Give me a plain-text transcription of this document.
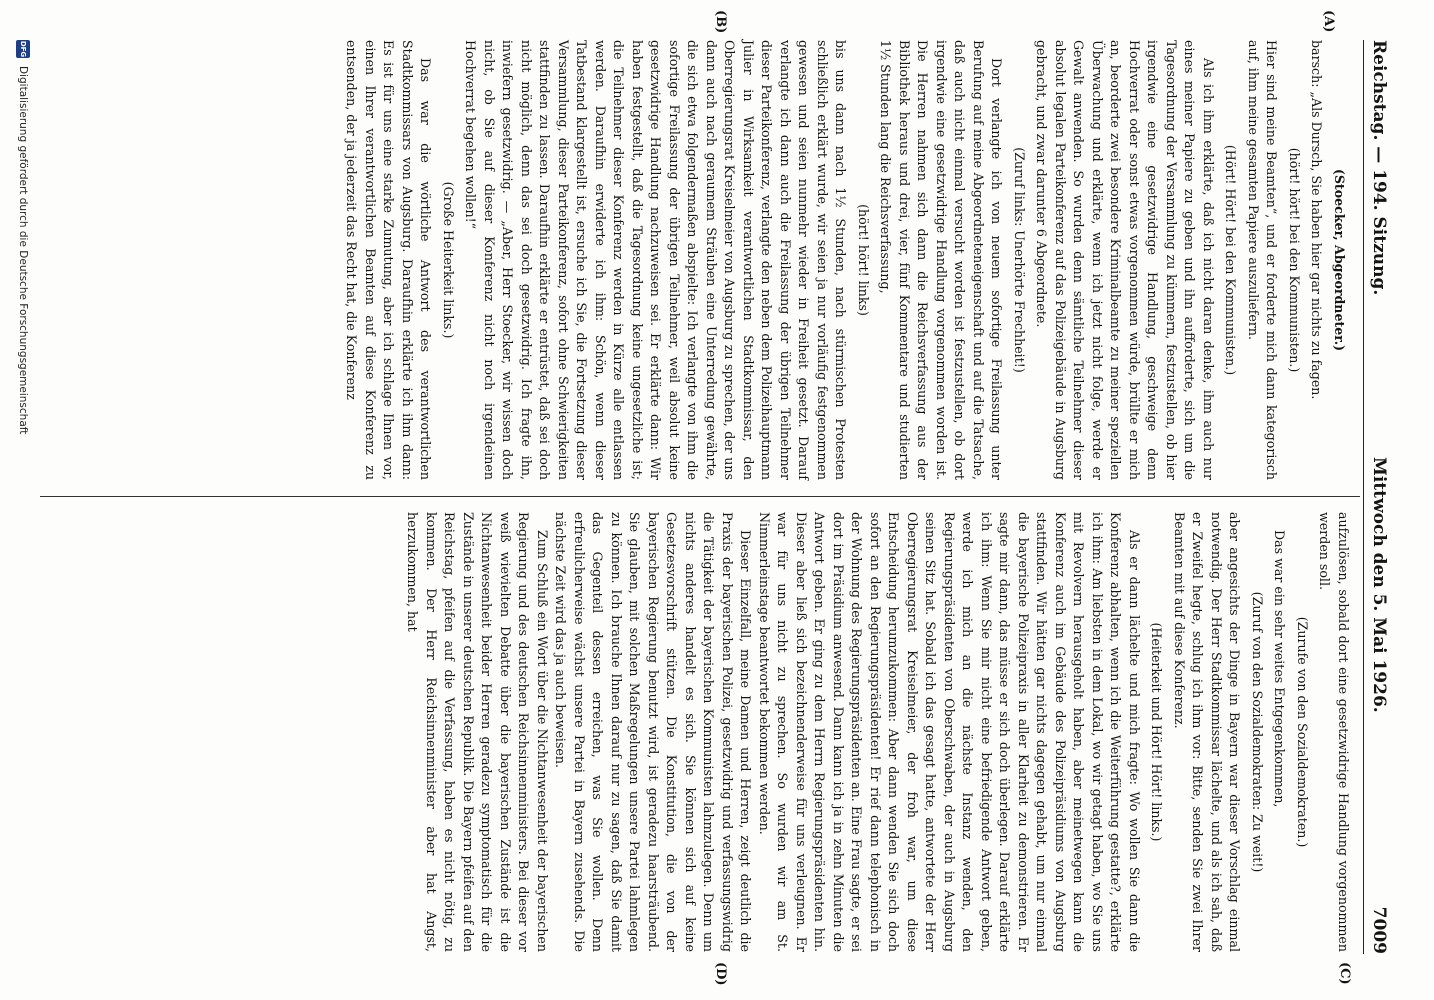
Reichstag. — 194. Sitzung.
Mittwoch den 5. Mai 1926.
7009
(A)
(B)
(C)
(D)

(Stoecker, Abgeordneter.)

barsch: „Als Dursch, Sie haben hier gar nichts zu fagen.

(hört! hört! bei den Kommunisten.)

Hier sind meine Beamten“, und er forderte mich dann kategorisch auf, ihm meine gesamten Papiere auszuliefern.

(Hört! Hört! bei den Kommunisten.)

Als ich ihm erklärte, daß ich nicht daran denke, ihm auch nur eines meiner Papiere zu geben und ihn aufforderte, sich um die Tagesordnung der Versammlung zu kümmern, festzustellen, ob hier irgendwie eine gesetzwidrige Handlung, geschweige denn Hochverrat oder sonst etwas vorgenommen würde, brüllte er mich an, beorderte zwei besondere Kriminalbeamte zu meiner speziellen Überwachung und erklärte, wenn ich jetzt nicht folge, werde er Gewalt anwenden. So wurden denn sämtliche Teilnehmer dieser absolut legalen Parteikonferenz auf das Polizeigebäude in Augsburg gebracht, und zwar darunter 6 Abgeordnete.

(Zuruf links: Unerhörte Frechheit!)

Dort verlangte ich von neuem sofortige Freilassung unter Berufung auf meine Abgeordneteneigenschaft und auf die Tatsache, daß auch nicht einmal versucht worden ist festzustellen, ob dort irgendwie eine gesetzwidrige Handlung vorgenommen worden ist. Die Herren nahmen sich dann die Reichsverfassung aus der Bibliothek heraus und drei, vier, fünf Kommentare und studierten 1½ Stunden lang die Reichsverfassung,

(hört! hört! links)

bis uns dann nach 1½ Stunden, nach stürmischen Protesten schließlich erklärt wurde, wir seien ja nur vorläufig festgenommen gewesen und seien nunmehr wieder in Freiheit gesetzt. Darauf verlangte ich dann auch die Freilassung der übrigen Teilnehmer dieser Parteikonferenz, verlangte den neben dem Polizeihauptmann Julier in Wirksamkeit verantwortlichen Stadtkommissar, den Oberregierungsrat Kreiselmeier von Augsburg zu sprechen, der uns dann auch nach geraumem Sträuben eine Unterredung gewährte, die sich etwa folgendermaßen abspielte: Ich verlangte von ihm die sofortige Freilassung der übrigen Teilnehmer, weil absolut keine gesetzwidrige Handlung nachzuweisen sei. Er erklärte dann: Wir haben festgestellt, daß die Tagesordnung keine ungesetzliche ist; die Teilnehmer dieser Konferenz werden in Kürze alle entlassen werden. Daraufhin erwiderte ich ihm: Schön, wenn dieser Tatbestand klargestellt ist, ersuche ich Sie, die Fortsetzung dieser Versammlung, dieser Parteikonferenz, sofort ohne Schwierigkeiten stattfinden zu lassen. Daraufhin erklärte er entrüstet, daß sei doch nicht möglich, denn das sei doch gesetzwidrig. Ich fragte ihn, inwiefern gesetzwidrig. — „Aber, Herr Stoecker, wir wissen doch nicht, ob Sie auf dieser Konferenz nicht noch irgendeinen Hochverrat begehen wollen!“

(Große Heiterkeit links.)

Das war die wörtliche Antwort des verantwortlichen Stadtkommissars von Augsburg. Daraufhin erklärte ich ihm dann: Es ist für uns eine starke Zumutung, aber ich schlage Ihnen vor, einen Ihrer verantwortlichen Beamten auf diese Konferenz zu entsenden, der ja jederzeit das Recht hat, die Konferenz

aufzulösen, sobald dort eine gesetzwidrige Handlung vorgenommen werden soll.

(Zurufe von den Sozialdemokraten.)

Das war ein sehr weites Entgegenkommen,

(Zuruf von den Sozialdemokraten: Zu weit!)

aber angesichts der Dinge in Bayern war dieser Vorschlag einmal notwendig. Der Herr Stadtkommissar lächelte, und als ich sah, daß er Zweifel hegte, schlug ich ihm vor: Bitte, senden Sie zwei Ihrer Beamten mit auf diese Konferenz.

(Heiterkeit und Hört! Hört! links.)

Als er dann lächelte und mich fragte: Wo wollen Sie dann die Konferenz abhalten, wenn ich die Weiterführung gestatte?, erklärte ich ihm: Am liebsten in dem Lokal, wo wir getagt haben, wo Sie uns mit Revolvern herausgeholt haben, aber meinetwegen kann die Konferenz auch im Gebäude des Polizeipräsidiums von Augsburg stattfinden. Wir hätten gar nichts dagegen gehabt, um nur einmal die bayerische Polizeipraxis in aller Klarheit zu demonstrieren. Er sagte mir dann, das müsse er sich doch überlegen. Darauf erklärte ich ihm: Wenn Sie mir nicht eine befriedigende Antwort geben, werde ich mich an die nächste Instanz wenden, den Regierungspräsidenten von Oberschwaben, der auch in Augsburg seinen Sitz hat. Sobald ich das gesagt hatte, antwortete der Herr Oberregierungsrat Kreiselmeier, der froh war, um diese Entscheidung herumzukommen: Aber dann wenden Sie sich doch sofort an den Regierungspräsidenten! Er rief dann telephonisch in der Wohnung des Regierungspräsidenten an. Eine Frau sagte, er sei dort im Präsidium anwesend. Dann kann ich ja in zehn Minuten die Antwort geben. Er ging zu dem Herrn Regierungspräsidenten hin. Dieser aber ließ sich bezeichnenderweise für uns verleugnen. Er war für uns nicht zu sprechen. So wurden wir am St. Nimmerleinstage beantwortet bekommen werden.

Dieser Einzelfall, meine Damen und Herren, zeigt deutlich die Praxis der bayerischen Polizei, gesetzwidrig und verfassungswidrig die Tätigkeit der bayerischen Kommunisten lahmzulegen. Denn um nichts anderes handelt es sich. Sie können sich auf keine Gesetzesvorschrift stützen. Die Konstitution, die von der bayerischen Regierung benutzt wird, ist geradezu haarsträubend. Sie glauben, mit solchen Maßregelungen unsere Partei lahmlegen zu können. Ich brauche Ihnen darauf nur zu sagen, daß Sie damit das Gegenteil dessen erreichen, was Sie wollen. Denn erfreulicherweise wächst unsere Partei in Bayern zusehends. Die nächste Zeit wird das ja auch beweisen.

Zum Schluß ein Wort über die Nichtanwesenheit der bayerischen Regierung und des deutschen Reichsinnenministers. Bei dieser vor weiß wievielten Debatte über die bayerischen Zustände ist die Nichtanwesenheit beider Herren geradezu symptomatisch für die Zustände in unserer deutschen Republik. Die Bayern pfeifen auf den Reichstag, pfeifen auf die Verfassung, haben es nicht nötig, zu kommen. Der Herr Reichsinnenminister aber hat Angst, herzukommen, hat

DFG
Digitalisierung gefördert durch die Deutsche Forschungsgemeinschaft
